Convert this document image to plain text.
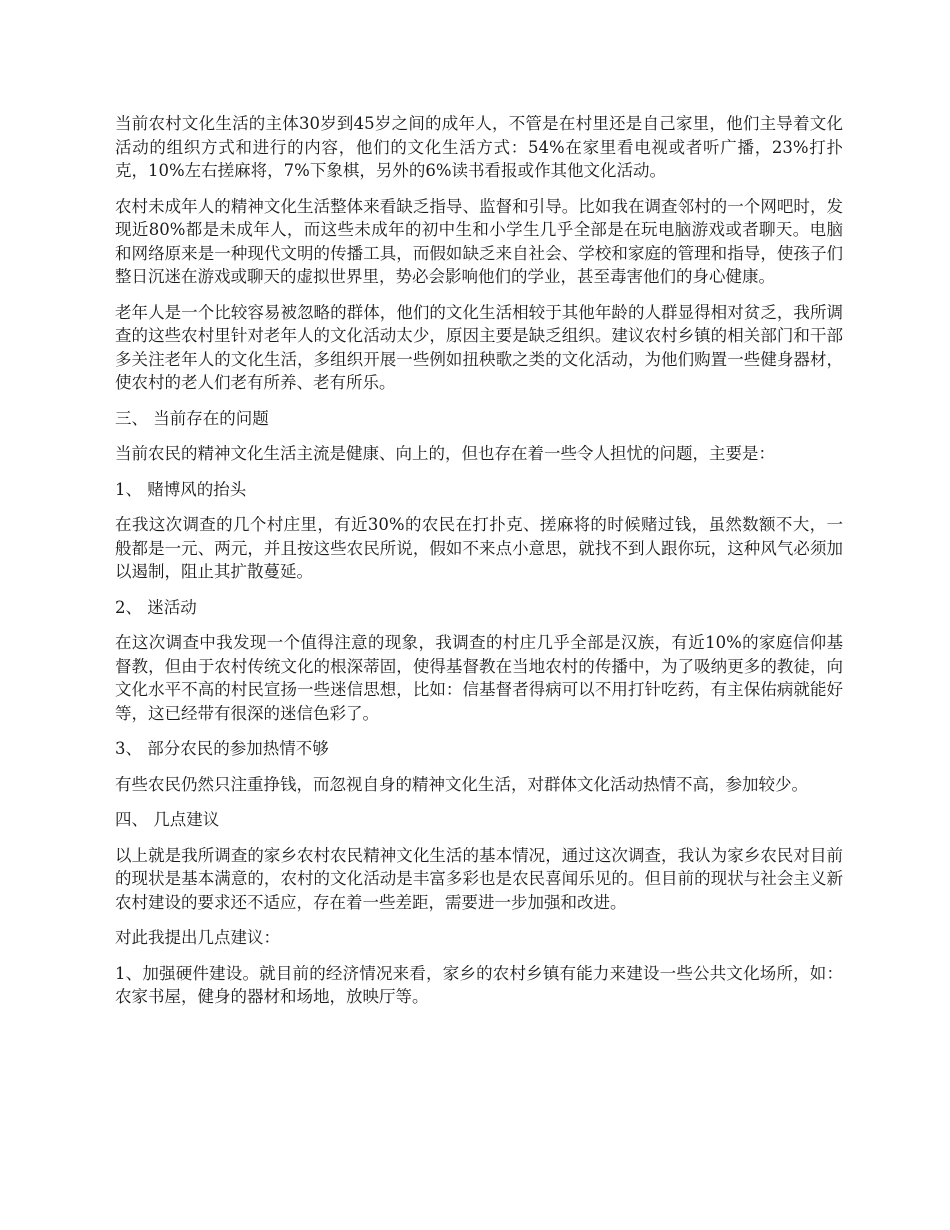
当前农村文化生活的主体30岁到45岁之间的成年人，不管是在村里还是自己家里，他们主导着文化活动的组织方式和进行的内容，他们的文化生活方式：54%在家里看电视或者听广播，23%打扑克，10%左右搓麻将，7%下象棋，另外的6%读书看报或作其他文化活动。

农村未成年人的精神文化生活整体来看缺乏指导、监督和引导。比如我在调查邻村的一个网吧时，发现近80%都是未成年人，而这些未成年的初中生和小学生几乎全部是在玩电脑游戏或者聊天。电脑和网络原来是一种现代文明的传播工具，而假如缺乏来自社会、学校和家庭的管理和指导，使孩子们整日沉迷在游戏或聊天的虚拟世界里，势必会影响他们的学业，甚至毒害他们的身心健康。

老年人是一个比较容易被忽略的群体，他们的文化生活相较于其他年龄的人群显得相对贫乏，我所调查的这些农村里针对老年人的文化活动太少，原因主要是缺乏组织。建议农村乡镇的相关部门和干部多关注老年人的文化生活，多组织开展一些例如扭秧歌之类的文化活动，为他们购置一些健身器材，使农村的老人们老有所养、老有所乐。

三、 当前存在的问题

当前农民的精神文化生活主流是健康、向上的，但也存在着一些令人担忧的问题，主要是：

1、 赌博风的抬头

在我这次调查的几个村庄里，有近30%的农民在打扑克、搓麻将的时候赌过钱，虽然数额不大，一般都是一元、两元，并且按这些农民所说，假如不来点小意思，就找不到人跟你玩，这种风气必须加以遏制，阻止其扩散蔓延。

2、 迷活动

在这次调查中我发现一个值得注意的现象，我调查的村庄几乎全部是汉族，有近10%的家庭信仰基督教，但由于农村传统文化的根深蒂固，使得基督教在当地农村的传播中，为了吸纳更多的教徒，向文化水平不高的村民宣扬一些迷信思想，比如：信基督者得病可以不用打针吃药，有主保佑病就能好等，这已经带有很深的迷信色彩了。

3、 部分农民的参加热情不够

有些农民仍然只注重挣钱，而忽视自身的精神文化生活，对群体文化活动热情不高，参加较少。

四、 几点建议

以上就是我所调查的家乡农村农民精神文化生活的基本情况，通过这次调查，我认为家乡农民对目前的现状是基本满意的，农村的文化活动是丰富多彩也是农民喜闻乐见的。但目前的现状与社会主义新农村建设的要求还不适应，存在着一些差距，需要进一步加强和改进。

对此我提出几点建议：

1、加强硬件建设。就目前的经济情况来看，家乡的农村乡镇有能力来建设一些公共文化场所，如：农家书屋，健身的器材和场地，放映厅等。
